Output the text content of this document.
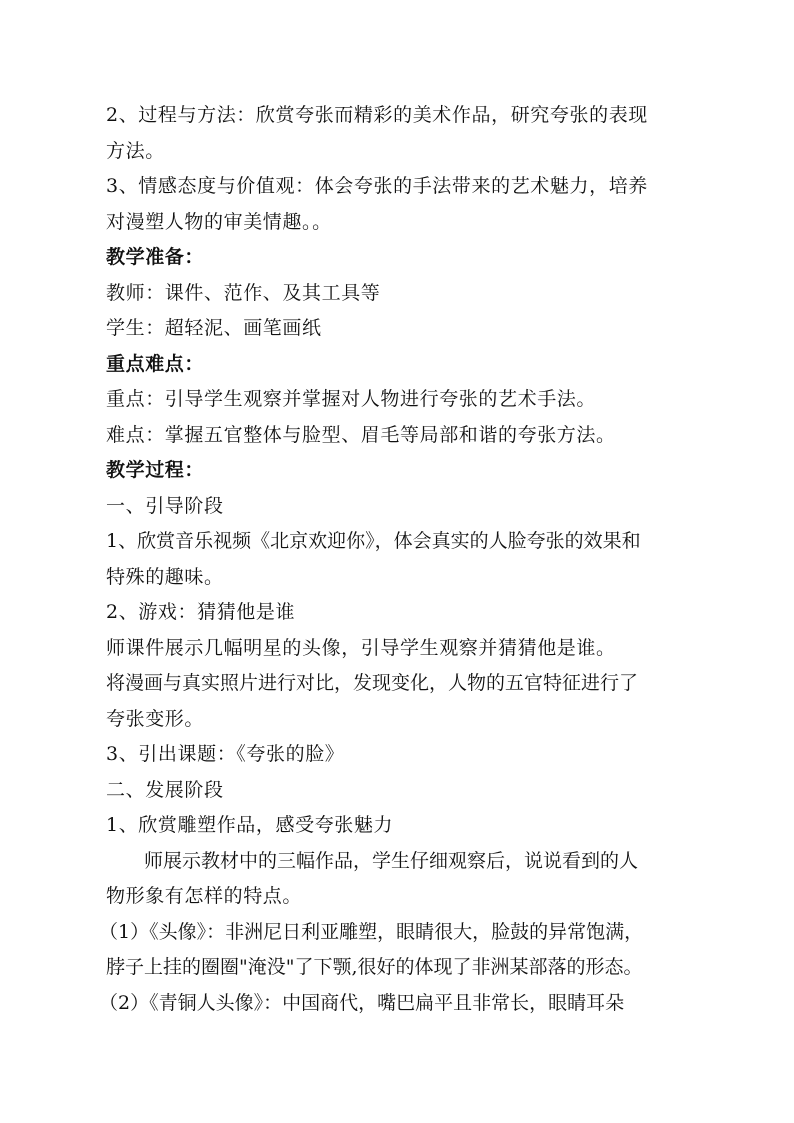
2、过程与方法：欣赏夸张而精彩的美术作品，研究夸张的表现
方法。
3、情感态度与价值观：体会夸张的手法带来的艺术魅力，培养
对漫塑人物的审美情趣。。
教学准备：
教师：课件、范作、及其工具等
学生：超轻泥、画笔画纸
重点难点：
重点：引导学生观察并掌握对人物进行夸张的艺术手法。
难点：掌握五官整体与脸型、眉毛等局部和谐的夸张方法。
教学过程：
一、引导阶段
1、欣赏音乐视频《北京欢迎你》，体会真实的人脸夸张的效果和
特殊的趣味。
2、游戏：猜猜他是谁
师课件展示几幅明星的头像，引导学生观察并猜猜他是谁。
将漫画与真实照片进行对比，发现变化，人物的五官特征进行了
夸张变形。
3、引出课题：《夸张的脸》
二、发展阶段
1、欣赏雕塑作品，感受夸张魅力
师展示教材中的三幅作品，学生仔细观察后，说说看到的人
物形象有怎样的特点。
（1）《头像》：非洲尼日利亚雕塑，眼睛很大，脸鼓的异常饱满，
脖子上挂的圈圈"淹没"了下颚,很好的体现了非洲某部落的形态。
（2）《青铜人头像》：中国商代，嘴巴扁平且非常长，眼睛耳朵
